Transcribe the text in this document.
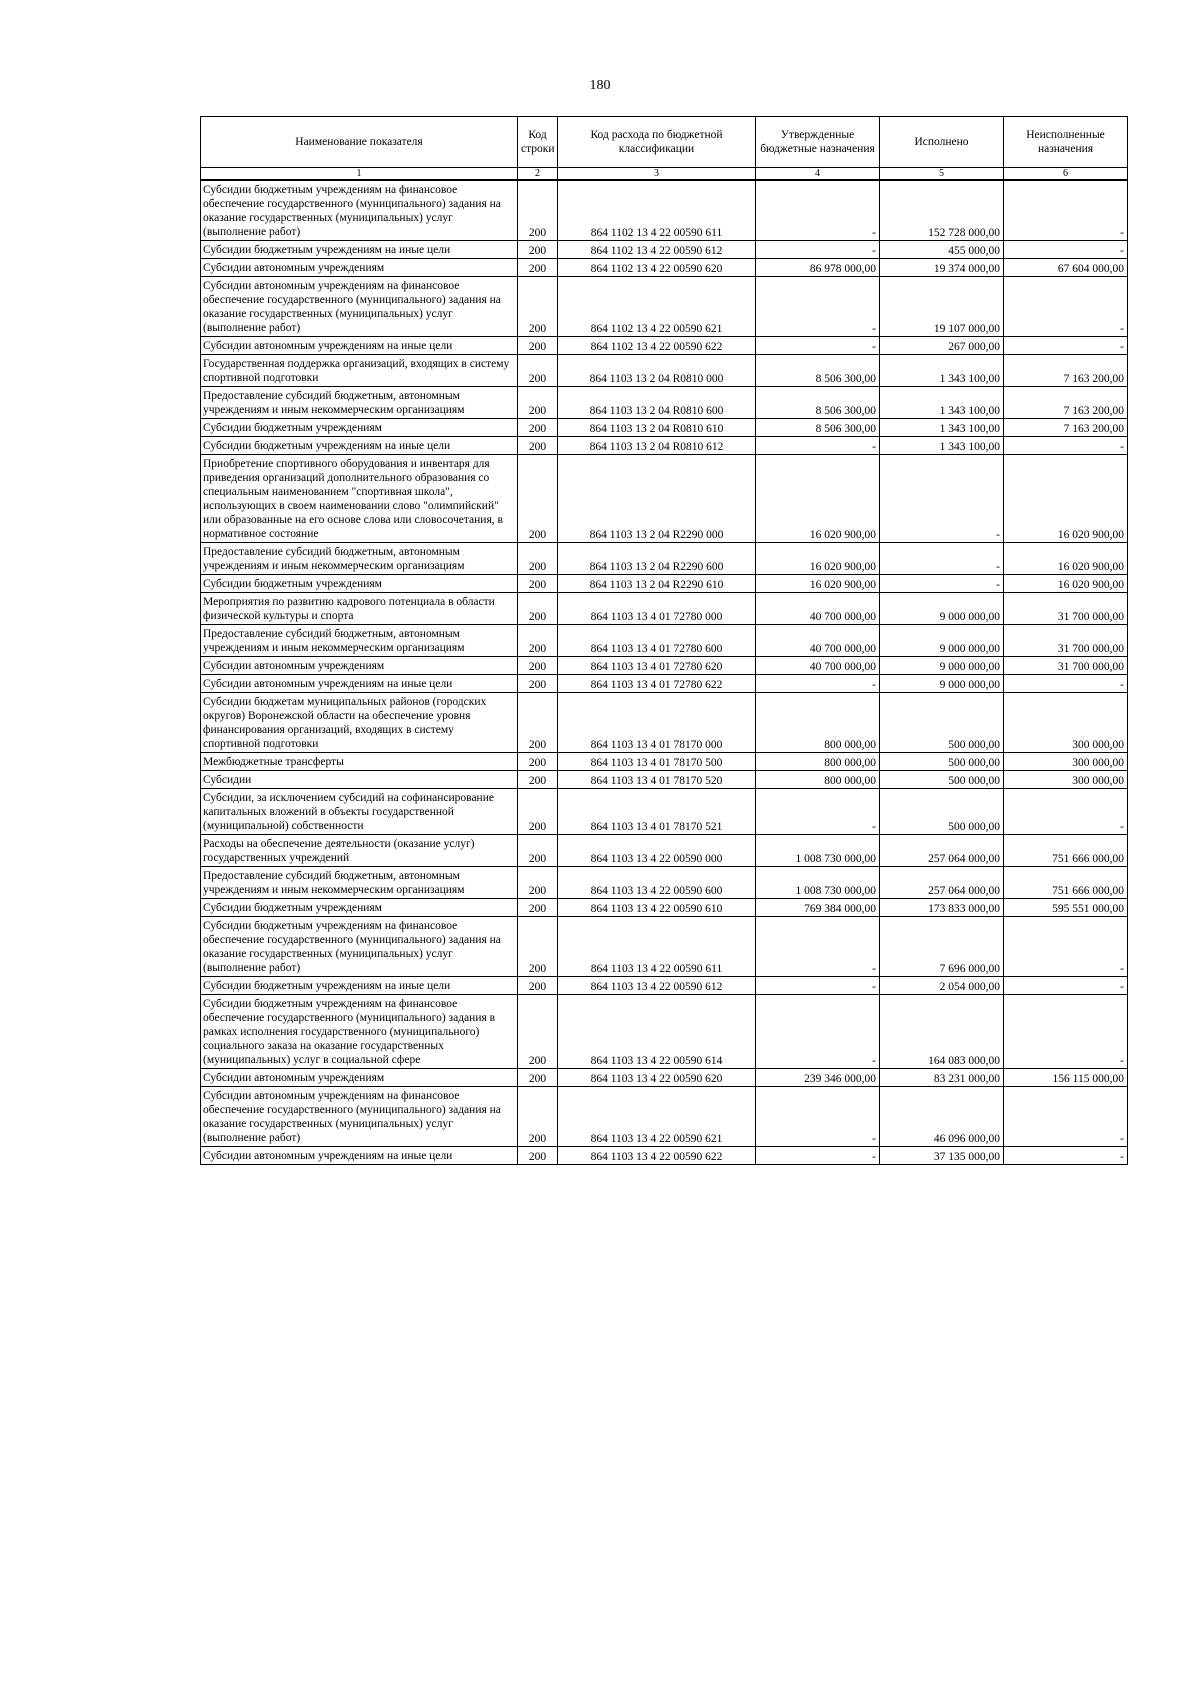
180
Наименование показателя	Код строки	Код расхода по бюджетной классификации	Утвержденные бюджетные назначения	Исполнено	Неисполненные назначения
1	2	3	4	5	6
Субсидии бюджетным учреждениям на финансовое обеспечение государственного (муниципального) задания на оказание государственных (муниципальных) услуг (выполнение работ)	200	864 1102 13 4 22 00590 611	-	152 728 000,00	-
Субсидии бюджетным учреждениям на иные цели	200	864 1102 13 4 22 00590 612	-	455 000,00	-
Субсидии автономным учреждениям	200	864 1102 13 4 22 00590 620	86 978 000,00	19 374 000,00	67 604 000,00
Субсидии автономным учреждениям на финансовое обеспечение государственного (муниципального) задания на оказание государственных (муниципальных) услуг (выполнение работ)	200	864 1102 13 4 22 00590 621	-	19 107 000,00	-
Субсидии автономным учреждениям на иные цели	200	864 1102 13 4 22 00590 622	-	267 000,00	-
Государственная поддержка организаций, входящих в систему спортивной подготовки	200	864 1103 13 2 04 R0810 000	8 506 300,00	1 343 100,00	7 163 200,00
Предоставление субсидий бюджетным, автономным учреждениям и иным некоммерческим организациям	200	864 1103 13 2 04 R0810 600	8 506 300,00	1 343 100,00	7 163 200,00
Субсидии бюджетным учреждениям	200	864 1103 13 2 04 R0810 610	8 506 300,00	1 343 100,00	7 163 200,00
Субсидии бюджетным учреждениям на иные цели	200	864 1103 13 2 04 R0810 612	-	1 343 100,00	-
Приобретение спортивного оборудования и инвентаря для приведения организаций дополнительного образования со специальным наименованием "спортивная школа", использующих в своем наименовании слово "олимпийский" или образованные на его основе слова или словосочетания, в нормативное состояние	200	864 1103 13 2 04 R2290 000	16 020 900,00	-	16 020 900,00
Предоставление субсидий бюджетным, автономным учреждениям и иным некоммерческим организациям	200	864 1103 13 2 04 R2290 600	16 020 900,00	-	16 020 900,00
Субсидии бюджетным учреждениям	200	864 1103 13 2 04 R2290 610	16 020 900,00	-	16 020 900,00
Мероприятия по развитию кадрового потенциала в области физической культуры и спорта	200	864 1103 13 4 01 72780 000	40 700 000,00	9 000 000,00	31 700 000,00
Предоставление субсидий бюджетным, автономным учреждениям и иным некоммерческим организациям	200	864 1103 13 4 01 72780 600	40 700 000,00	9 000 000,00	31 700 000,00
Субсидии автономным учреждениям	200	864 1103 13 4 01 72780 620	40 700 000,00	9 000 000,00	31 700 000,00
Субсидии автономным учреждениям на иные цели	200	864 1103 13 4 01 72780 622	-	9 000 000,00	-
Субсидии бюджетам муниципальных районов (городских округов) Воронежской области на обеспечение уровня финансирования организаций, входящих в систему спортивной подготовки	200	864 1103 13 4 01 78170 000	800 000,00	500 000,00	300 000,00
Межбюджетные трансферты	200	864 1103 13 4 01 78170 500	800 000,00	500 000,00	300 000,00
Субсидии	200	864 1103 13 4 01 78170 520	800 000,00	500 000,00	300 000,00
Субсидии, за исключением субсидий на софинансирование капитальных вложений в объекты государственной (муниципальной) собственности	200	864 1103 13 4 01 78170 521	-	500 000,00	-
Расходы на обеспечение деятельности (оказание услуг) государственных учреждений	200	864 1103 13 4 22 00590 000	1 008 730 000,00	257 064 000,00	751 666 000,00
Предоставление субсидий бюджетным, автономным учреждениям и иным некоммерческим организациям	200	864 1103 13 4 22 00590 600	1 008 730 000,00	257 064 000,00	751 666 000,00
Субсидии бюджетным учреждениям	200	864 1103 13 4 22 00590 610	769 384 000,00	173 833 000,00	595 551 000,00
Субсидии бюджетным учреждениям на финансовое обеспечение государственного (муниципального) задания на оказание государственных (муниципальных) услуг (выполнение работ)	200	864 1103 13 4 22 00590 611	-	7 696 000,00	-
Субсидии бюджетным учреждениям на иные цели	200	864 1103 13 4 22 00590 612	-	2 054 000,00	-
Субсидии бюджетным учреждениям на финансовое обеспечение государственного (муниципального) задания в рамках исполнения государственного (муниципального) социального заказа на оказание государственных (муниципальных) услуг в социальной сфере	200	864 1103 13 4 22 00590 614	-	164 083 000,00	-
Субсидии автономным учреждениям	200	864 1103 13 4 22 00590 620	239 346 000,00	83 231 000,00	156 115 000,00
Субсидии автономным учреждениям на финансовое обеспечение государственного (муниципального) задания на оказание государственных (муниципальных) услуг (выполнение работ)	200	864 1103 13 4 22 00590 621	-	46 096 000,00	-
Субсидии автономным учреждениям на иные цели	200	864 1103 13 4 22 00590 622	-	37 135 000,00	-
